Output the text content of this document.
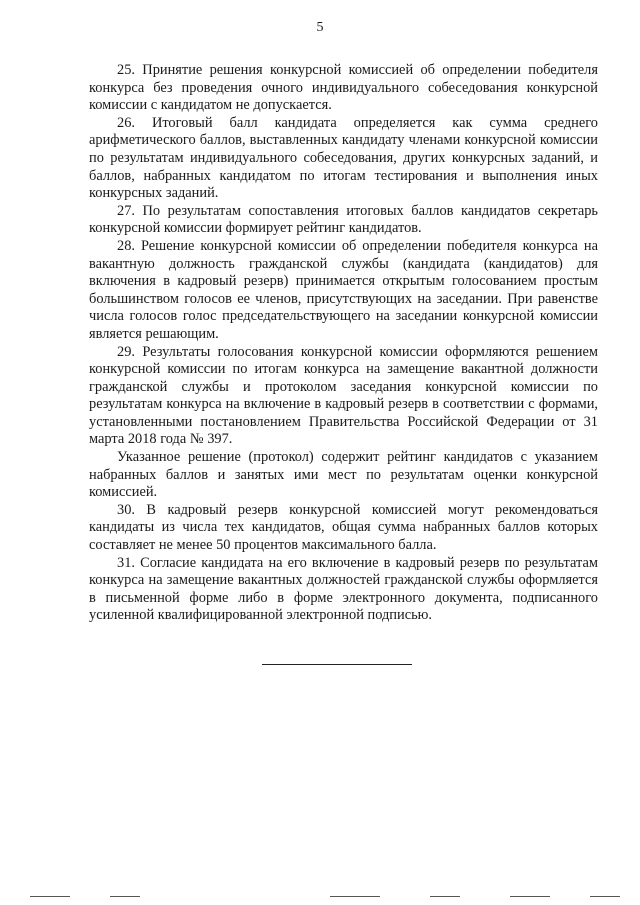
5

25. Принятие решения конкурсной комиссией об определении победителя конкурса без проведения очного индивидуального собеседования конкурсной комиссии с кандидатом не допускается.

26. Итоговый балл кандидата определяется как сумма среднего арифметического баллов, выставленных кандидату членами конкурсной комиссии по результатам индивидуального собеседования, других конкурсных заданий, и баллов, набранных кандидатом по итогам тестирования и выполнения иных конкурсных заданий.

27. По результатам сопоставления итоговых баллов кандидатов секретарь конкурсной комиссии формирует рейтинг кандидатов.

28. Решение конкурсной комиссии об определении победителя конкурса на вакантную должность гражданской службы (кандидата (кандидатов) для включения в кадровый резерв) принимается открытым голосованием простым большинством голосов ее членов, присутствующих на заседании. При равенстве числа голосов голос председательствующего на заседании конкурсной комиссии является решающим.

29. Результаты голосования конкурсной комиссии оформляются решением конкурсной комиссии по итогам конкурса на замещение вакантной должности гражданской службы и протоколом заседания конкурсной комиссии по результатам конкурса на включение в кадровый резерв в соответствии с формами, установленными постановлением Правительства Российской Федерации от 31 марта 2018 года № 397.

Указанное решение (протокол) содержит рейтинг кандидатов с указанием набранных баллов и занятых ими мест по результатам оценки конкурсной комиссией.

30. В кадровый резерв конкурсной комиссией могут рекомендоваться кандидаты из числа тех кандидатов, общая сумма набранных баллов которых составляет не менее 50 процентов максимального балла.

31. Согласие кандидата на его включение в кадровый резерв по результатам конкурса на замещение вакантных должностей гражданской службы оформляется в письменной форме либо в форме электронного документа, подписанного усиленной квалифицированной электронной подписью.
